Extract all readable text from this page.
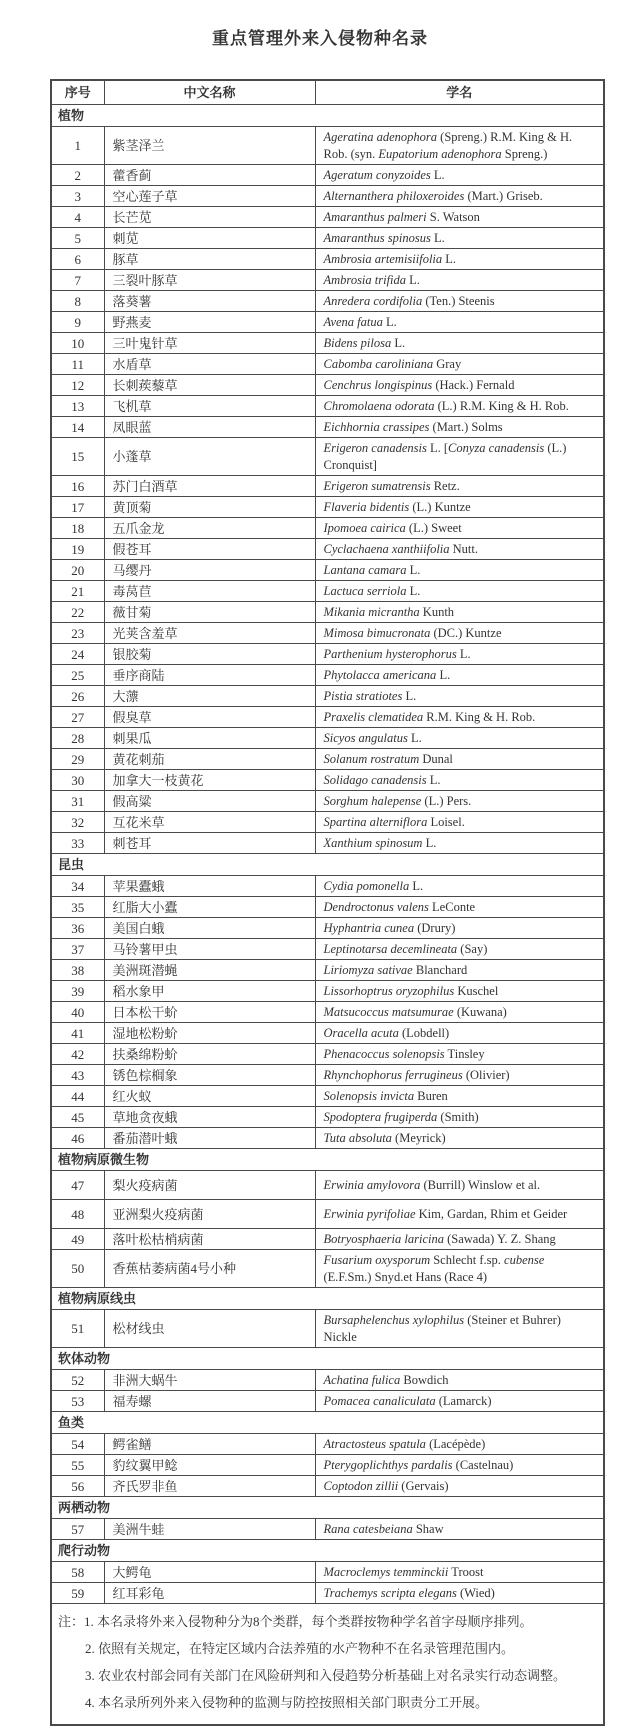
重点管理外来入侵物种名录
序号	中文名称	学名
植物		
1	紫茎泽兰	Ageratina adenophora (Spreng.) R.M. King & H. Rob. (syn. Eupatorium adenophora Spreng.)
2	藿香蓟	Ageratum conyzoides L.
3	空心莲子草	Alternanthera philoxeroides (Mart.) Griseb.
4	长芒苋	Amaranthus palmeri S. Watson
5	刺苋	Amaranthus spinosus L.
6	豚草	Ambrosia artemisiifolia L.
7	三裂叶豚草	Ambrosia trifida L.
8	落葵薯	Anredera cordifolia (Ten.) Steenis
9	野燕麦	Avena fatua L.
10	三叶鬼针草	Bidens pilosa L.
11	水盾草	Cabomba caroliniana Gray
12	长刺蒺藜草	Cenchrus longispinus (Hack.) Fernald
13	飞机草	Chromolaena odorata (L.) R.M. King & H. Rob.
14	凤眼蓝	Eichhornia crassipes (Mart.) Solms
15	小蓬草	Erigeron canadensis L. [Conyza canadensis (L.) Cronquist]
16	苏门白酒草	Erigeron sumatrensis Retz.
17	黄顶菊	Flaveria bidentis (L.) Kuntze
18	五爪金龙	Ipomoea cairica (L.) Sweet
19	假苍耳	Cyclachaena xanthiifolia Nutt.
20	马缨丹	Lantana camara L.
21	毒莴苣	Lactuca serriola L.
22	薇甘菊	Mikania micrantha Kunth
23	光荚含羞草	Mimosa bimucronata (DC.) Kuntze
24	银胶菊	Parthenium hysterophorus L.
25	垂序商陆	Phytolacca americana L.
26	大薸	Pistia stratiotes L.
27	假臭草	Praxelis clematidea R.M. King & H. Rob.
28	刺果瓜	Sicyos angulatus L.
29	黄花刺茄	Solanum rostratum Dunal
30	加拿大一枝黄花	Solidago canadensis L.
31	假高粱	Sorghum halepense (L.) Pers.
32	互花米草	Spartina alterniflora Loisel.
33	刺苍耳	Xanthium spinosum L.
昆虫		
34	苹果蠹蛾	Cydia pomonella L.
35	红脂大小蠹	Dendroctonus valens LeConte
36	美国白蛾	Hyphantria cunea (Drury)
37	马铃薯甲虫	Leptinotarsa decemlineata (Say)
38	美洲斑潜蝇	Liriomyza sativae Blanchard
39	稻水象甲	Lissorhoptrus oryzophilus Kuschel
40	日本松干蚧	Matsucoccus matsumurae (Kuwana)
41	湿地松粉蚧	Oracella acuta (Lobdell)
42	扶桑绵粉蚧	Phenacoccus solenopsis Tinsley
43	锈色棕榈象	Rhynchophorus ferrugineus (Olivier)
44	红火蚁	Solenopsis invicta Buren
45	草地贪夜蛾	Spodoptera frugiperda (Smith)
46	番茄潜叶蛾	Tuta absoluta (Meyrick)
植物病原微生物		
47	梨火疫病菌	Erwinia amylovora (Burrill) Winslow et al.
48	亚洲梨火疫病菌	Erwinia pyrifoliae Kim, Gardan, Rhim et Geider
49	落叶松枯梢病菌	Botryosphaeria laricina (Sawada) Y. Z. Shang
50	香蕉枯萎病菌4号小种	Fusarium oxysporum Schlecht f.sp. cubense (E.F.Sm.) Snyd.et Hans (Race 4)
植物病原线虫		
51	松材线虫	Bursaphelenchus xylophilus (Steiner et Buhrer) Nickle
软体动物		
52	非洲大蜗牛	Achatina fulica Bowdich
53	福寿螺	Pomacea canaliculata (Lamarck)
鱼类		
54	鳄雀鳝	Atractosteus spatula (Lacépède)
55	豹纹翼甲鲶	Pterygoplichthys pardalis (Castelnau)
56	齐氏罗非鱼	Coptodon zillii (Gervais)
两栖动物		
57	美洲牛蛙	Rana catesbeiana Shaw
爬行动物		
58	大鳄龟	Macroclemys temminckii Troost
59	红耳彩龟	Trachemys scripta elegans (Wied)

注：1. 本名录将外来入侵物种分为8个类群，每个类群按物种学名首字母顺序排列。
2. 依照有关规定，在特定区域内合法养殖的水产物种不在名录管理范围内。
3. 农业农村部会同有关部门在风险研判和入侵趋势分析基础上对名录实行动态调整。
4. 本名录所列外来入侵物种的监测与防控按照相关部门职责分工开展。		
